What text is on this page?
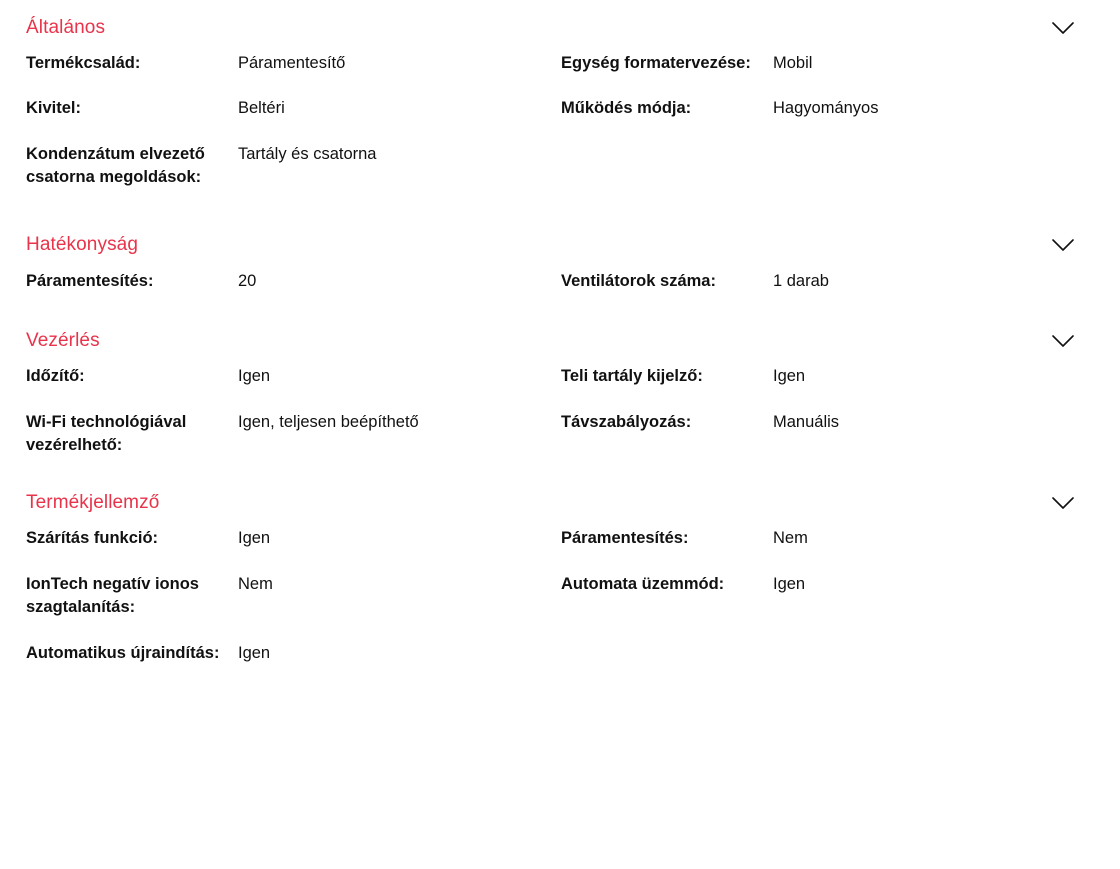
Általános
Termékcsalád:	Páramentesítő	Egység formatervezése:	Mobil
Kivitel:	Beltéri	Működés módja:	Hagyományos
Kondenzátum elvezető csatorna megoldások:
Tartály és csatorna
Hatékonyság
Páramentesítés:	20	Ventilátorok száma:	1 darab
Vezérlés
Időzítő:	Igen	Teli tartály kijelző:	Igen
Wi-Fi technológiával vezérelhető:
Igen, teljesen beépíthető	Távszabályozás:	Manuális
Termékjellemző
Szárítás funkció:	Igen	Páramentesítés:	Nem
IonTech negatív ionos szagtalanítás:
Nem	Automata üzemmód:	Igen
Automatikus újraindítás:	Igen
